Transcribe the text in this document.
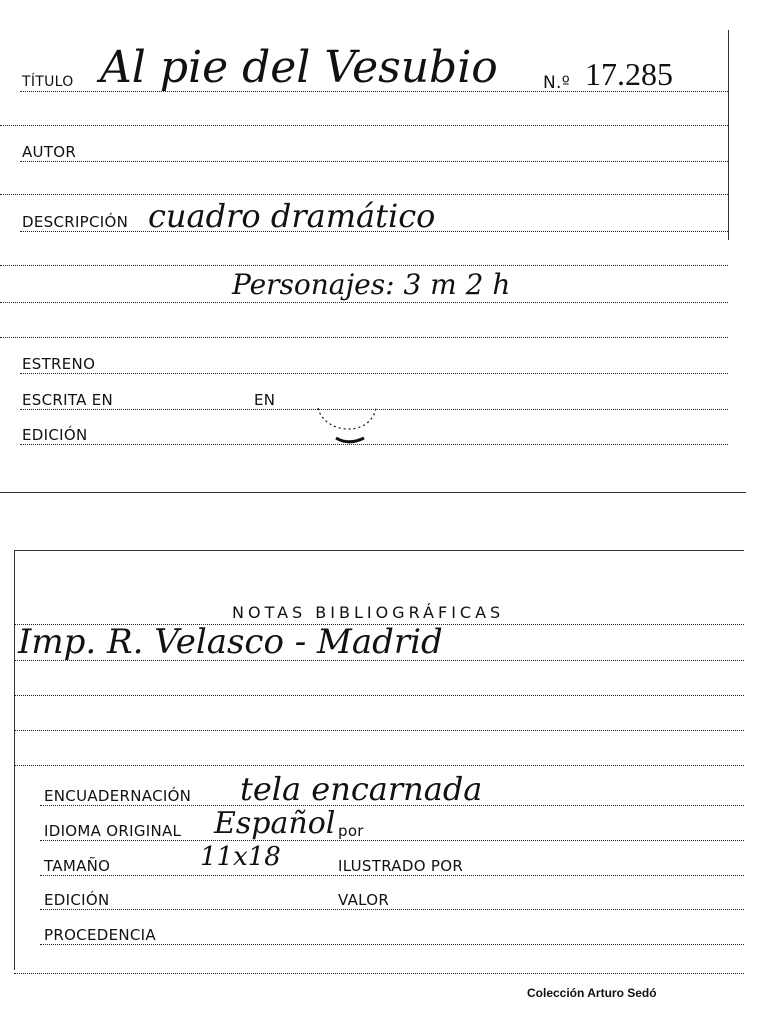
TÍTULO Al pie del Vesubio	N.º 17.285
AUTOR
DESCRIPCIÓN cuadro dramático
Personajes: 3 m 2 h
ESTRENO
ESCRITA EN	EN
EDICIÓN
NOTAS BIBLIOGRÁFICAS
Imp. R. Velasco - Madrid
ENCUADERNACIÓN tela encarnada
IDIOMA ORIGINAL Español por
TAMAÑO	11x18	ILUSTRADO POR
EDICIÓN	VALOR
PROCEDENCIA
Colección Arturo Sedó
